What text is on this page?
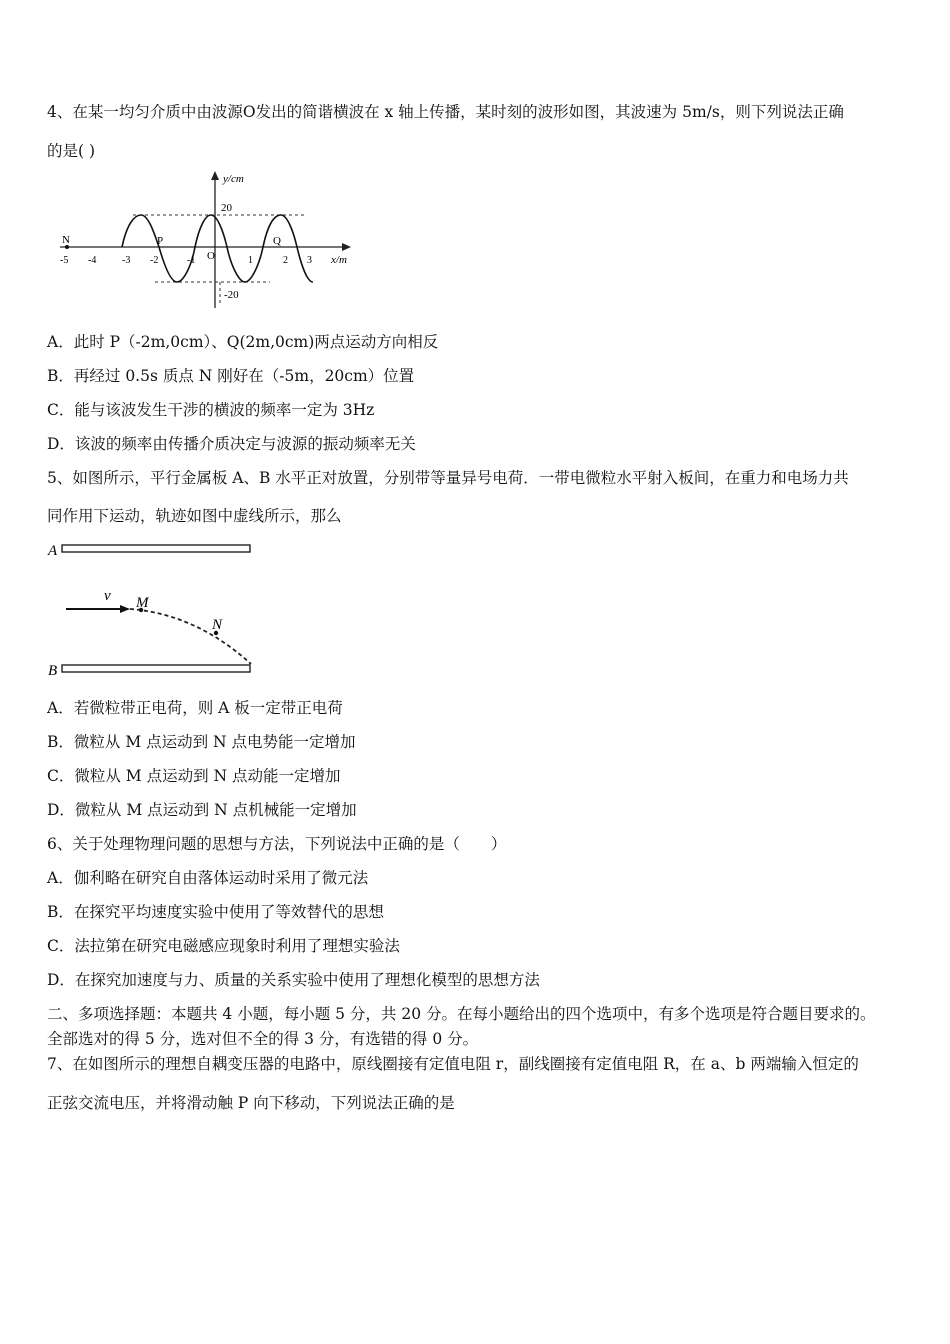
4、在某一均匀介质中由波源O发出的简谐横波在 x 轴上传播，某时刻的波形如图，其波速为 5m/s，则下列说法正确
的是( )
y/cm
x/m
20
-20
O
N	P	Q
-5 -4	-3 -2	-1	1	2 3
A．此时 P（-2m,0cm）、Q(2m,0cm)两点运动方向相反
B．再经过 0.5s 质点 N 刚好在（-5m，20cm）位置
C．能与该波发生干涉的横波的频率一定为 3Hz
D．该波的频率由传播介质决定与波源的振动频率无关
5、如图所示，平行金属板 A、B 水平正对放置，分别带等量异号电荷．一带电微粒水平射入板间，在重力和电场力共
同作用下运动，轨迹如图中虚线所示，那么
A
B
v M
N
A．若微粒带正电荷，则 A 板一定带正电荷
B．微粒从 M 点运动到 N 点电势能一定增加
C．微粒从 M 点运动到 N 点动能一定增加
D．微粒从 M 点运动到 N 点机械能一定增加
6、关于处理物理问题的思想与方法，下列说法中正确的是（　　）
A．伽利略在研究自由落体运动时采用了微元法
B．在探究平均速度实验中使用了等效替代的思想
C．法拉第在研究电磁感应现象时利用了理想实验法
D．在探究加速度与力、质量的关系实验中使用了理想化模型的思想方法
二、多项选择题：本题共 4 小题，每小题 5 分，共 20 分。在每小题给出的四个选项中，有多个选项是符合题目要求的。
全部选对的得 5 分，选对但不全的得 3 分，有选错的得 0 分。
7、在如图所示的理想自耦变压器的电路中，原线圈接有定值电阻 r，副线圈接有定值电阻 R，在 a、b 两端输入恒定的
正弦交流电压，并将滑动触 P 向下移动，下列说法正确的是
